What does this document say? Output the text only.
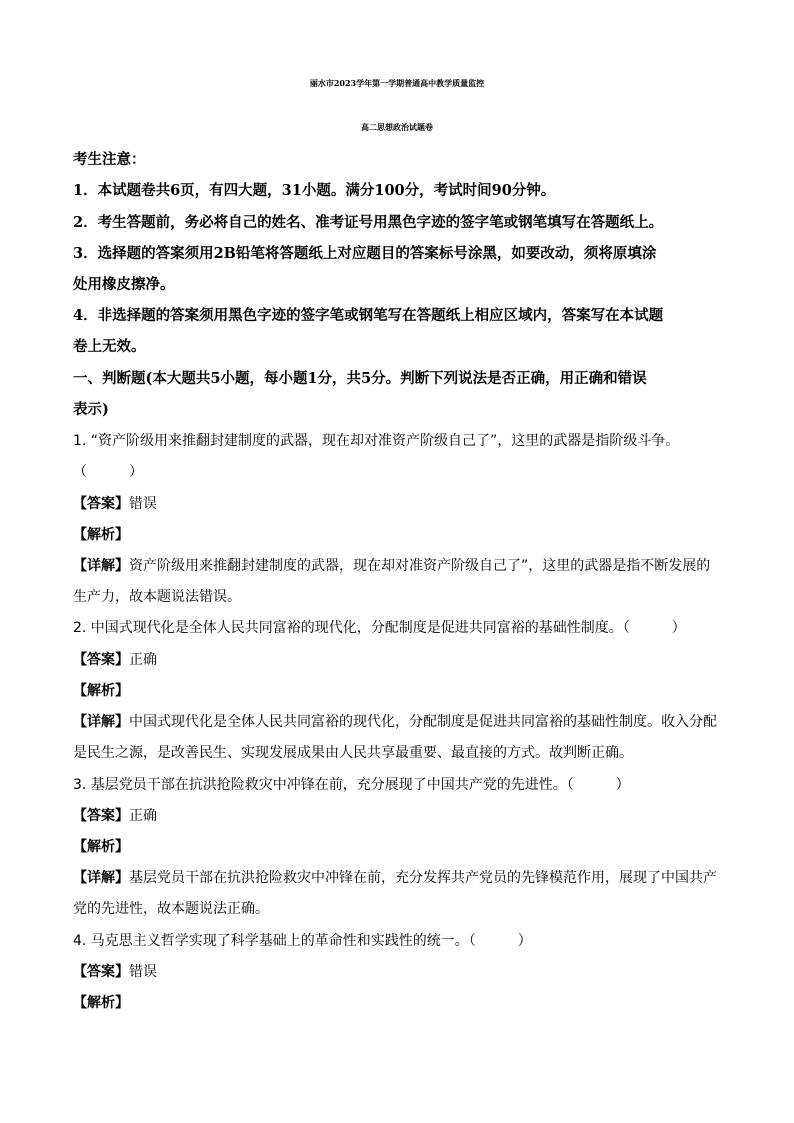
丽水市2023学年第一学期普通高中教学质量监控
高二思想政治试题卷
考生注意：
1．本试题卷共6页，有四大题，31小题。满分100分，考试时间90分钟。
2．考生答题前，务必将自己的姓名、准考证号用黑色字迹的签字笔或钢笔填写在答题纸上。
3．选择题的答案须用2B铅笔将答题纸上对应题目的答案标号涂黑，如要改动，须将原填涂
处用橡皮擦净。
4．非选择题的答案须用黑色字迹的签字笔或钢笔写在答题纸上相应区域内，答案写在本试题
卷上无效。
一、判断题(本大题共5小题，每小题1分，共5分。判断下列说法是否正确，用正确和错误
表示)
1. “资产阶级用来推翻封建制度的武器，现在却对准资产阶级自己了”，这里的武器是指阶级斗争。
（　　　）
【答案】错误
【解析】
【详解】资产阶级用来推翻封建制度的武器，现在却对准资产阶级自己了”，这里的武器是指不断发展的
生产力，故本题说法错误。
2. 中国式现代化是全体人民共同富裕的现代化，分配制度是促进共同富裕的基础性制度。（　　　）
【答案】正确
【解析】
【详解】中国式现代化是全体人民共同富裕的现代化，分配制度是促进共同富裕的基础性制度。收入分配
是民生之源，是改善民生、实现发展成果由人民共享最重要、最直接的方式。故判断正确。
3. 基层党员干部在抗洪抢险救灾中冲锋在前，充分展现了中国共产党的先进性。（　　　）
【答案】正确
【解析】
【详解】基层党员干部在抗洪抢险救灾中冲锋在前，充分发挥共产党员的先锋模范作用，展现了中国共产
党的先进性，故本题说法正确。
4. 马克思主义哲学实现了科学基础上的革命性和实践性的统一。（　　　）
【答案】错误
【解析】
